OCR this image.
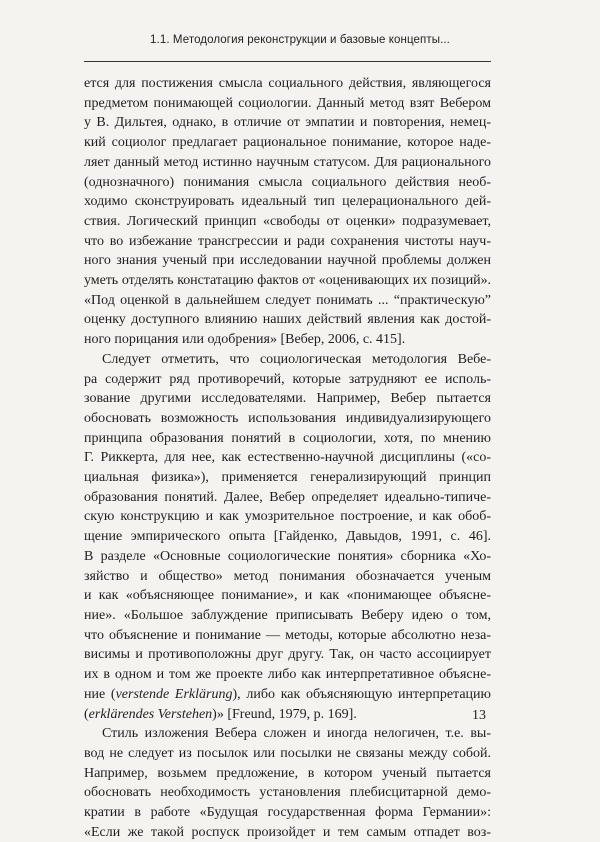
1.1. Методология реконструкции и базовые концепты...
ется для постижения смысла социального действия, являющегося
предметом понимающей социологии. Данный метод взят Вебером
у В. Дильтея, однако, в отличие от эмпатии и повторения, немец-
кий социолог предлагает рациональное понимание, которое наде-
ляет данный метод истинно научным статусом. Для рационального
(однозначного) понимания смысла социального действия необ-
ходимо сконструировать идеальный тип целерационального дей-
ствия. Логический принцип «свободы от оценки» подразумевает,
что во избежание трансгрессии и ради сохранения чистоты науч-
ного знания ученый при исследовании научной проблемы должен
уметь отделять констатацию фактов от «оценивающих их позиций».
«Под оценкой в дальнейшем следует понимать ... “практическую”
оценку доступного влиянию наших действий явления как достой-
ного порицания или одобрения» [Вебер, 2006, с. 415].
Следует отметить, что социологическая методология Вебе-
ра содержит ряд противоречий, которые затрудняют ее исполь-
зование другими исследователями. Например, Вебер пытается
обосновать возможность использования индивидуализирующего
принципа образования понятий в социологии, хотя, по мнению
Г. Риккерта, для нее, как естественно-научной дисциплины («со-
циальная физика»), применяется генерализирующий принцип
образования понятий. Далее, Вебер определяет идеально-типиче-
скую конструкцию и как умозрительное построение, и как обоб-
щение эмпирического опыта [Гайденко, Давыдов, 1991, с. 46].
В разделе «Основные социологические понятия» сборника «Хо-
зяйство и общество» метод понимания обозначается ученым
и как «объясняющее понимание», и как «понимающее объясне-
ние». «Большое заблуждение приписывать Веберу идею о том,
что объяснение и понимание — методы, которые абсолютно неза-
висимы и противоположны друг другу. Так, он часто ассоциирует
их в одном и том же проекте либо как интерпретативное объясне-
ние (verstende Erklärung), либо как объясняющую интерпретацию
(erklärendes Verstehen)» [Freund, 1979, p. 169].
Стиль изложения Вебера сложен и иногда нелогичен, т.е. вы-
вод не следует из посылок или посылки не связаны между собой.
Например, возьмем предложение, в котором ученый пытается
обосновать необходимость установления плебисцитарной демо-
кратии в работе «Будущая государственная форма Германии»:
«Если же такой роспуск произойдет и тем самым отпадет воз-
13
